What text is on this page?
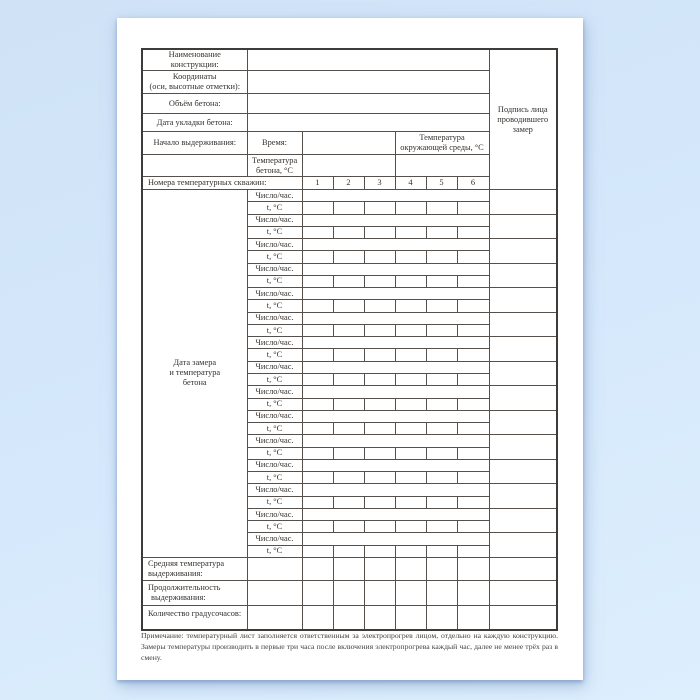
Наименование
конструкции:								Подпись лица
проводившего
замер

Координаты
(оси, высотные отметки):								

Объём бетона:								
Дата укладки бетона:								
Начало выдерживания:	Время:				Температура
окружающей среды, °C			

	Температура
бетона, °C							

Номера температурных скважин:		1	2	3	4	5	6	

Дата замера
и температура
бетона	Число/час.							
	t, °C							
	Число/час.							
	t, °C							
	Число/час.							
	t, °C							
	Число/час.							
	t, °C							
	Число/час.							
	t, °C							
	Число/час.							
	t, °C							
	Число/час.							
	t, °C							
	Число/час.							
	t, °C							
	Число/час.							
	t, °C							
	Число/час.							
	t, °C							
	Число/час.							
	t, °C							
	Число/час.							
	t, °C							
	Число/час.							
	t, °C							
	Число/час.							
	t, °C							
	Число/час.							
	t, °C							

Средняя температура
выдерживания:								

Продолжительность
выдерживания:								

Количество градусочасов:								
Примечание: температурный лист заполняется ответственным за электропрогрев лицом, отдельно на каждую конструкцию. Замеры температуры производить в первые три часа после включения электропрогрева каждый час, далее не менее трёх раз в смену.
